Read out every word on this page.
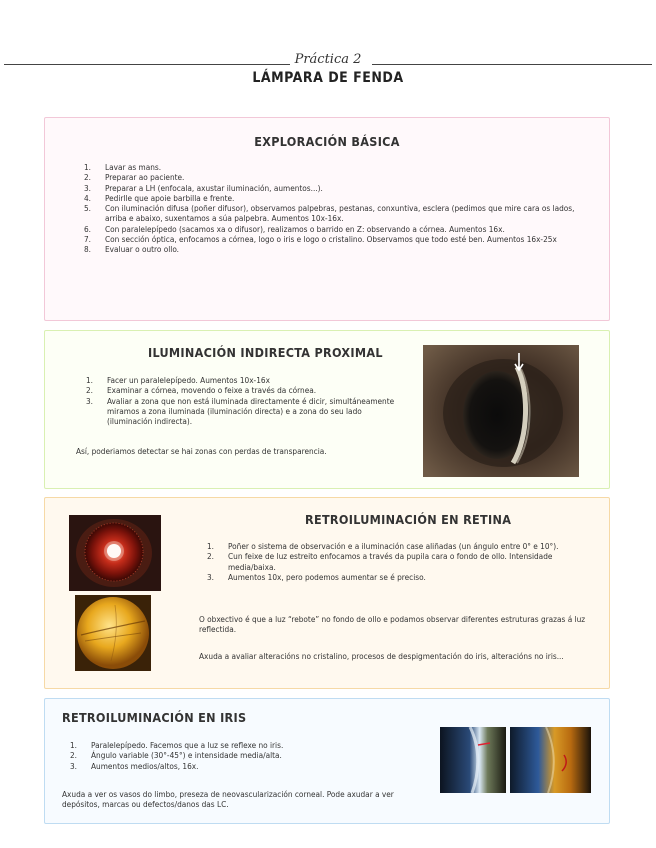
Práctica 2
LÁMPARA DE FENDA
EXPLORACIÓN BÁSICA
1. Lavar as mans.
2. Preparar ao paciente.
3. Preparar a LH (enfocala, axustar iluminación, aumentos...).
4. Pedirlle que apoie barbilla e frente.
5. Con iluminación difusa (poñer difusor), observamos palpebras, pestanas, conxuntiva, esclera (pedimos que mire cara os lados, arriba e abaixo, suxentamos a súa palpebra. Aumentos 10x-16x.
6. Con paralelepípedo (sacamos xa o difusor), realizamos o barrido en Z: observando a córnea. Aumentos 16x.
7. Con sección óptica, enfocamos a córnea, logo o iris e logo o cristalino. Observamos que todo esté ben. Aumentos 16x-25x
8. Evaluar o outro ollo.
ILUMINACIÓN INDIRECTA PROXIMAL
1. Facer un paralelepípedo. Aumentos 10x-16x
2. Examinar a córnea, movendo o feixe a través da córnea.
3. Avaliar a zona que non está iluminada directamente é dicir, simultáneamente miramos a zona iluminada (iluminación directa) e a zona do seu lado (iluminación indirecta).
Así, poderiamos detectar se hai zonas con perdas de transparencia.
RETROILUMINACIÓN EN RETINA
1. Poñer o sistema de observación e a iluminación case aliñadas (un ángulo entre 0° e 10°).
2. Cun feixe de luz estreito enfocamos a través da pupila cara o fondo de ollo. Intensidade media/baixa.
3. Aumentos 10x, pero podemos aumentar se é preciso.
O obxectivo é que a luz “rebote” no fondo de ollo e podamos observar diferentes estruturas grazas á luz reflectida.
Axuda a avaliar alteracións no cristalino, procesos de despigmentación do iris, alteracións no iris...
RETROILUMINACIÓN EN IRIS
1. Paralelepípedo. Facemos que a luz se reflexe no iris.
2. Ángulo variable (30°-45°) e intensidade media/alta.
3. Aumentos medios/altos, 16x.
Axuda a ver os vasos do limbo, preseza de neovascularización corneal. Pode axudar a ver depósitos, marcas ou defectos/danos das LC.
